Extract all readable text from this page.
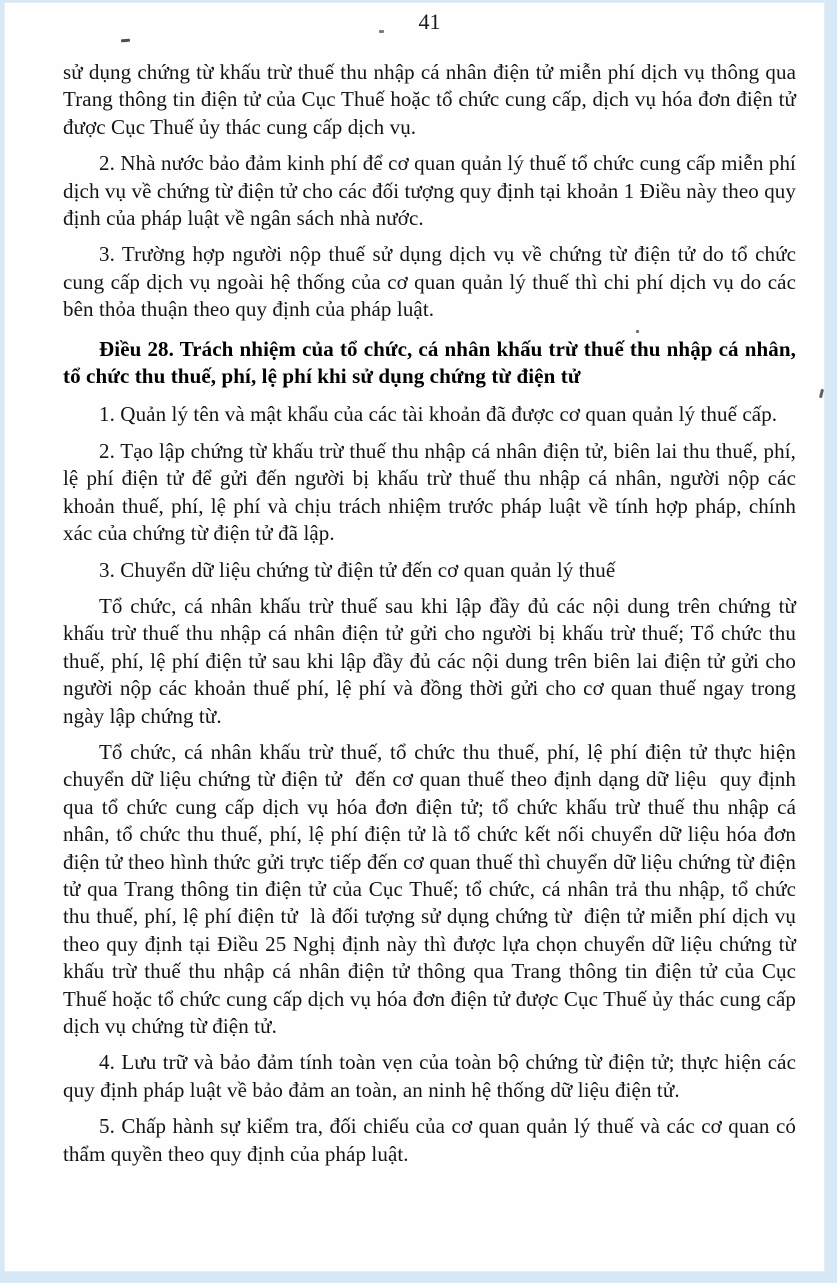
41

sử dụng chứng từ khấu trừ thuế thu nhập cá nhân điện tử miễn phí dịch vụ thông qua Trang thông tin điện tử của Cục Thuế hoặc tổ chức cung cấp, dịch vụ hóa đơn điện tử được Cục Thuế ủy thác cung cấp dịch vụ.

2. Nhà nước bảo đảm kinh phí để cơ quan quản lý thuế tổ chức cung cấp miễn phí dịch vụ về chứng từ điện tử cho các đối tượng quy định tại khoản 1 Điều này theo quy định của pháp luật về ngân sách nhà nước.

3. Trường hợp người nộp thuế sử dụng dịch vụ về chứng từ điện tử do tổ chức cung cấp dịch vụ ngoài hệ thống của cơ quan quản lý thuế thì chi phí dịch vụ do các bên thỏa thuận theo quy định của pháp luật.

Điều 28. Trách nhiệm của tổ chức, cá nhân khấu trừ thuế thu nhập cá nhân, tổ chức thu thuế, phí, lệ phí khi sử dụng chứng từ điện tử

1. Quản lý tên và mật khẩu của các tài khoản đã được cơ quan quản lý thuế cấp.

2. Tạo lập chứng từ khấu trừ thuế thu nhập cá nhân điện tử, biên lai thu thuế, phí, lệ phí điện tử để gửi đến người bị khấu trừ thuế thu nhập cá nhân, người nộp các khoản thuế, phí, lệ phí và chịu trách nhiệm trước pháp luật về tính hợp pháp, chính xác của chứng từ điện tử đã lập.

3. Chuyển dữ liệu chứng từ điện tử đến cơ quan quản lý thuế

Tổ chức, cá nhân khấu trừ thuế sau khi lập đầy đủ các nội dung trên chứng từ khấu trừ thuế thu nhập cá nhân điện tử gửi cho người bị khấu trừ thuế; Tổ chức thu thuế, phí, lệ phí điện tử sau khi lập đầy đủ các nội dung trên biên lai điện tử gửi cho người nộp các khoản thuế phí, lệ phí và đồng thời gửi cho cơ quan thuế ngay trong ngày lập chứng từ.

Tổ chức, cá nhân khấu trừ thuế, tổ chức thu thuế, phí, lệ phí điện tử thực hiện chuyển dữ liệu chứng từ điện tử  đến cơ quan thuế theo định dạng dữ liệu  quy định qua tổ chức cung cấp dịch vụ hóa đơn điện tử; tổ chức khấu trừ thuế thu nhập cá nhân, tổ chức thu thuế, phí, lệ phí điện tử là tổ chức kết nối chuyển dữ liệu hóa đơn điện tử theo hình thức gửi trực tiếp đến cơ quan thuế thì chuyển dữ liệu chứng từ điện tử qua Trang thông tin điện tử của Cục Thuế; tổ chức, cá nhân trả thu nhập, tổ chức thu thuế, phí, lệ phí điện tử  là đối tượng sử dụng chứng từ  điện tử miễn phí dịch vụ theo quy định tại Điều 25 Nghị định này thì được lựa chọn chuyển dữ liệu chứng từ khấu trừ thuế thu nhập cá nhân điện tử thông qua Trang thông tin điện tử của Cục Thuế hoặc tổ chức cung cấp dịch vụ hóa đơn điện tử được Cục Thuế ủy thác cung cấp dịch vụ chứng từ điện tử.

4. Lưu trữ và bảo đảm tính toàn vẹn của toàn bộ chứng từ điện tử; thực hiện các quy định pháp luật về bảo đảm an toàn, an ninh hệ thống dữ liệu điện tử.

5. Chấp hành sự kiểm tra, đối chiếu của cơ quan quản lý thuế và các cơ quan có thẩm quyền theo quy định của pháp luật.
